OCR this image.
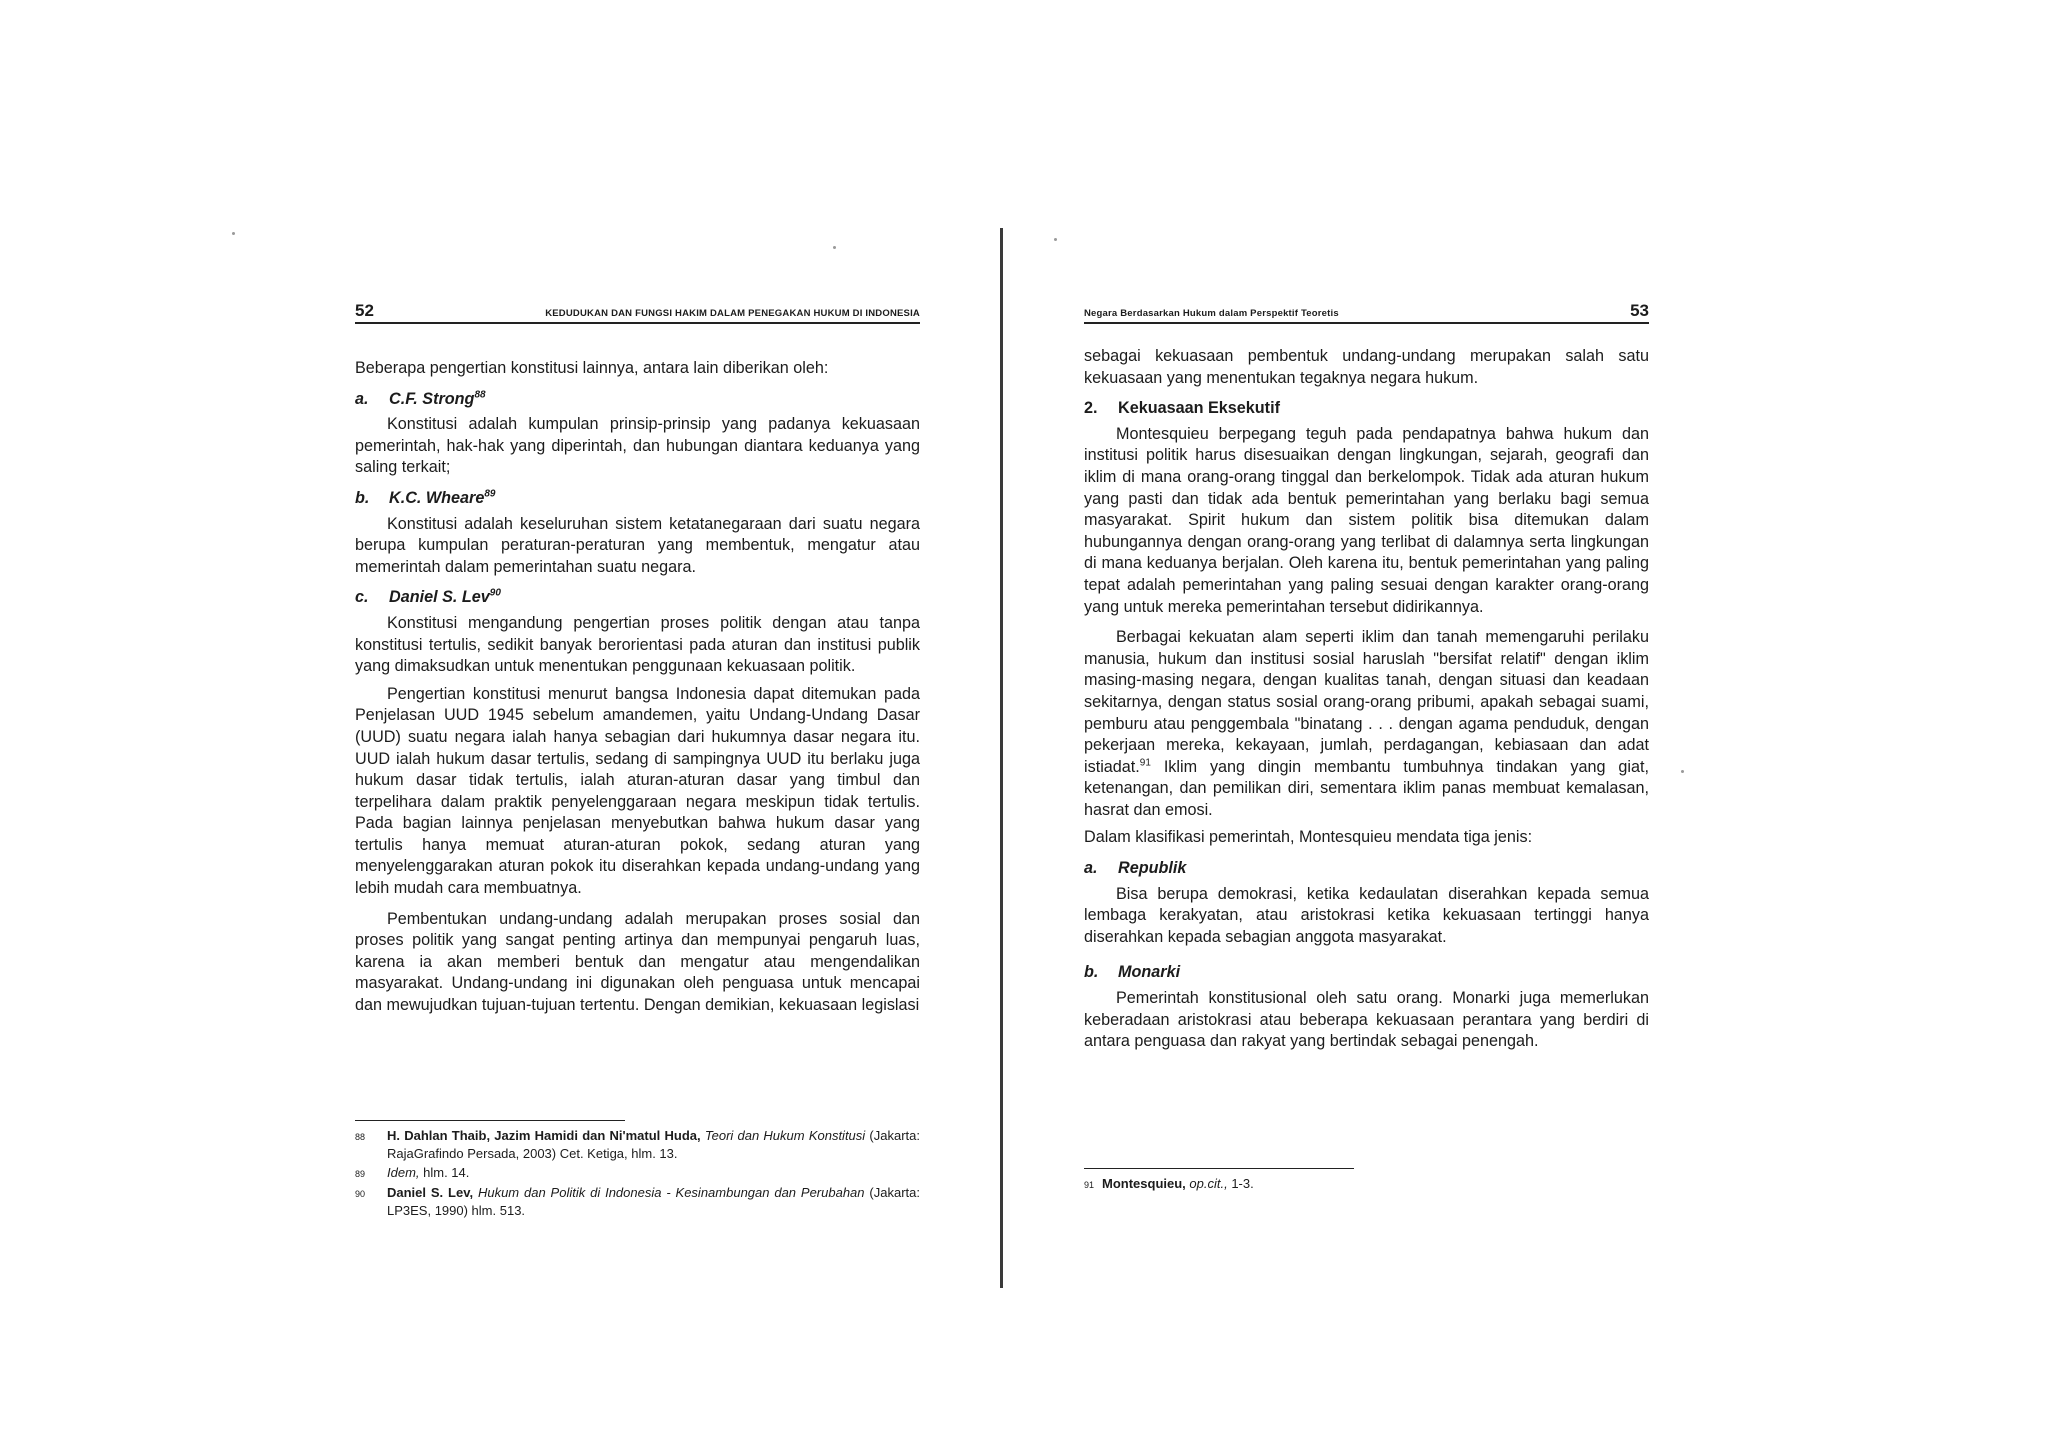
52	KEDUDUKAN DAN FUNGSI HAKIM DALAM PENEGAKAN HUKUM DI INDONESIA

Beberapa pengertian konstitusi lainnya, antara lain diberikan oleh:

a.	C.F. Strong$^{88}$

Konstitusi adalah kumpulan prinsip-prinsip yang padanya kekuasaan pemerintah, hak-hak yang diperintah, dan hubungan diantara keduanya yang saling terkait;

b.	K.C. Wheare$^{89}$

Konstitusi adalah keseluruhan sistem ketatanegaraan dari suatu negara berupa kumpulan peraturan-peraturan yang membentuk, mengatur atau memerintah dalam pemerintahan suatu negara.

c.	Daniel S. Lev$^{90}$

Konstitusi mengandung pengertian proses politik dengan atau tanpa konstitusi tertulis, sedikit banyak berorientasi pada aturan dan institusi publik yang dimaksudkan untuk menentukan penggunaan kekuasaan politik.

Pengertian konstitusi menurut bangsa Indonesia dapat ditemukan pada Penjelasan UUD 1945 sebelum amandemen, yaitu Undang-Undang Dasar (UUD) suatu negara ialah hanya sebagian dari hukumnya dasar negara itu. UUD ialah hukum dasar tertulis, sedang di sampingnya UUD itu berlaku juga hukum dasar tidak tertulis, ialah aturan-aturan dasar yang timbul dan terpelihara dalam praktik penyelenggaraan negara meskipun tidak tertulis. Pada bagian lainnya penjelasan menyebutkan bahwa hukum dasar yang tertulis hanya memuat aturan-aturan pokok, sedang aturan yang menyelenggarakan aturan pokok itu diserahkan kepada undang-undang yang lebih mudah cara membuatnya.

Pembentukan undang-undang adalah merupakan proses sosial dan proses politik yang sangat penting artinya dan mempunyai pengaruh luas, karena ia akan memberi bentuk dan mengatur atau mengendalikan masyarakat. Undang-undang ini digunakan oleh penguasa untuk mencapai dan mewujudkan tujuan-tujuan tertentu. Dengan demikian, kekuasaan legislasi

88	H. Dahlan Thaib, Jazim Hamidi dan Ni'matul Huda, Teori dan Hukum Konstitusi (Jakarta: RajaGrafindo Persada, 2003) Cet. Ketiga, hlm. 13.
89	Idem, hlm. 14.
90	Daniel S. Lev, Hukum dan Politik di Indonesia - Kesinambungan dan Perubahan (Jakarta: LP3ES, 1990) hlm. 513.
Negara Berdasarkan Hukum dalam Perspektif Teoretis	53

sebagai kekuasaan pembentuk undang-undang merupakan salah satu kekuasaan yang menentukan tegaknya negara hukum.

2.	Kekuasaan Eksekutif

Montesquieu berpegang teguh pada pendapatnya bahwa hukum dan institusi politik harus disesuaikan dengan lingkungan, sejarah, geografi dan iklim di mana orang-orang tinggal dan berkelompok. Tidak ada aturan hukum yang pasti dan tidak ada bentuk pemerintahan yang berlaku bagi semua masyarakat. Spirit hukum dan sistem politik bisa ditemukan dalam hubungannya dengan orang-orang yang terlibat di dalamnya serta lingkungan di mana keduanya berjalan. Oleh karena itu, bentuk pemerintahan yang paling tepat adalah pemerintahan yang paling sesuai dengan karakter orang-orang yang untuk mereka pemerintahan tersebut didirikannya.

Berbagai kekuatan alam seperti iklim dan tanah memengaruhi perilaku manusia, hukum dan institusi sosial haruslah "bersifat relatif" dengan iklim masing-masing negara, dengan kualitas tanah, dengan situasi dan keadaan sekitarnya, dengan status sosial orang-orang pribumi, apakah sebagai suami, pemburu atau penggembala "binatang . . . dengan agama penduduk, dengan pekerjaan mereka, kekayaan, jumlah, perdagangan, kebiasaan dan adat istiadat.$^{91}$ Iklim yang dingin membantu tumbuhnya tindakan yang giat, ketenangan, dan pemilikan diri, sementara iklim panas membuat kemalasan, hasrat dan emosi.

Dalam klasifikasi pemerintah, Montesquieu mendata tiga jenis:

a.	Republik

Bisa berupa demokrasi, ketika kedaulatan diserahkan kepada semua lembaga kerakyatan, atau aristokrasi ketika kekuasaan tertinggi hanya diserahkan kepada sebagian anggota masyarakat.

b.	Monarki

Pemerintah konstitusional oleh satu orang. Monarki juga memerlukan keberadaan aristokrasi atau beberapa kekuasaan perantara yang berdiri di antara penguasa dan rakyat yang bertindak sebagai penengah.

91 Montesquieu, op.cit., 1-3.
